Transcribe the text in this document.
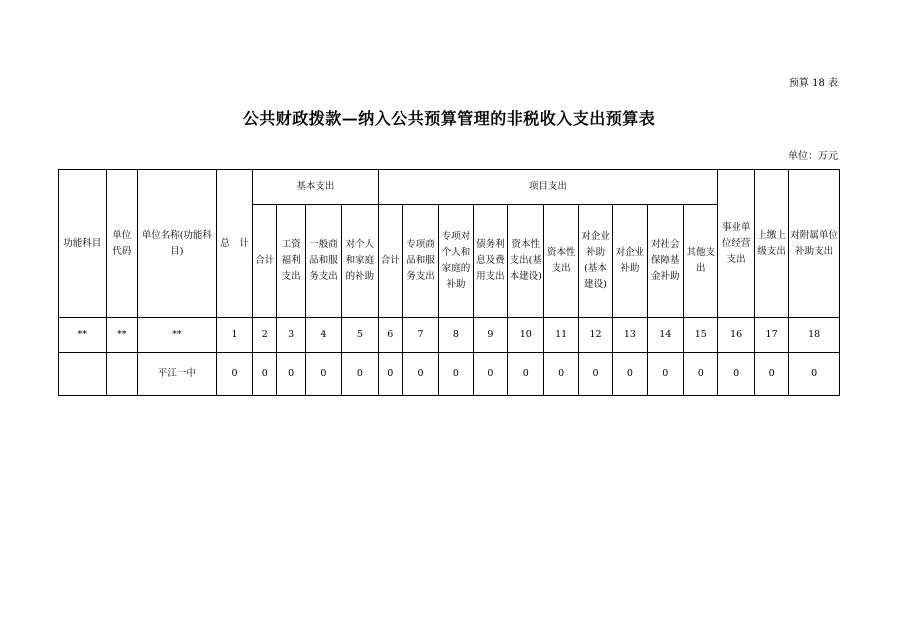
预算 18 表
公共财政拨款—纳入公共预算管理的非税收入支出预算表
单位：万元
功能科目	单位代码	单位名称(功能科目)	总　计	基本支出				项目支出										事业单位经营支出	上缴上级支出	对附属单位补助支出
				合计	工资福利支出	一般商品和服务支出	对个人和家庭的补助	合计	专项商品和服务支出	专项对个人和家庭的补助	债务利息及费用支出	资本性支出(基本建设)	资本性支出	对企业补助(基本建设)	对企业补助	对社会保障基金补助	其他支出			
**	**	**	1	2	3	4	5	6	7	8	9	10	11	12	13	14	15	16	17	18
		平江一中	0	0	0	0	0	0	0	0	0	0	0	0	0	0	0	0	0	0
